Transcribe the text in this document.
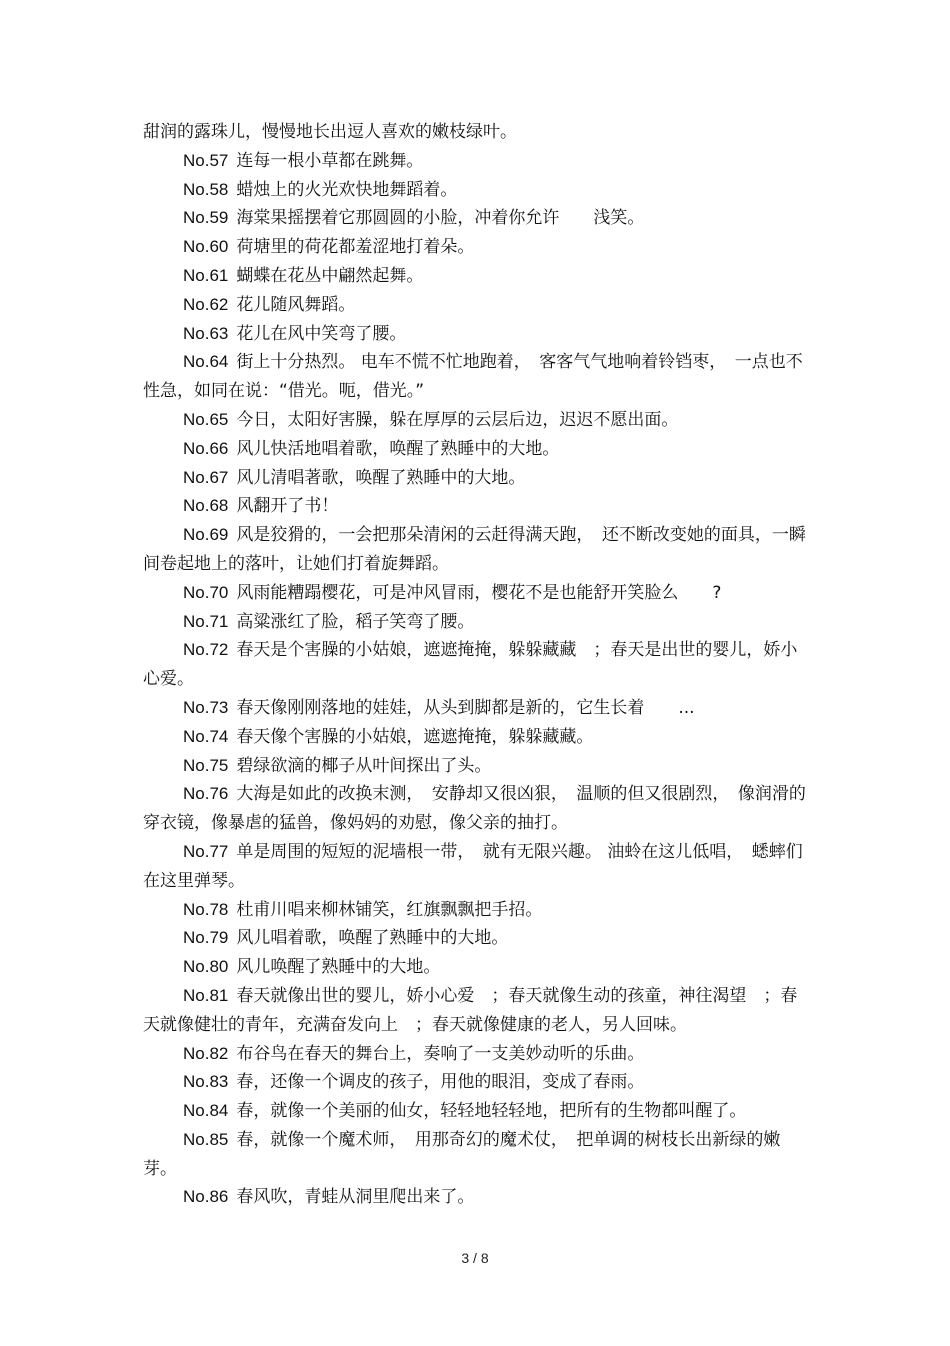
甜润的露珠儿，慢慢地长出逗人喜欢的嫩枝绿叶。

No.57 连每一根小草都在跳舞。

No.58 蜡烛上的火光欢快地舞蹈着。

No.59 海棠果摇摆着它那圆圆的小脸，冲着你允许　　浅笑。

No.60 荷塘里的荷花都羞涩地打着朵。

No.61 蝴蝶在花丛中翩然起舞。

No.62 花儿随风舞蹈。

No.63 花儿在风中笑弯了腰。

No.64 街上十分热烈。 电车不慌不忙地跑着，　客客气气地响着铃铛枣，　一点也不性急，如同在说：“借光。呃，借光。”

No.65 今日，太阳好害臊，躲在厚厚的云层后边，迟迟不愿出面。

No.66 风儿快活地唱着歌，唤醒了熟睡中的大地。

No.67 风儿清唱著歌，唤醒了熟睡中的大地。

No.68 风翻开了书！

No.69 风是狡猾的，一会把那朵清闲的云赶得满天跑，　还不断改变她的面具，一瞬间卷起地上的落叶，让她们打着旋舞蹈。

No.70 风雨能糟蹋樱花，可是冲风冒雨，樱花不是也能舒开笑脸么　　?

No.71 高粱涨红了脸，稻子笑弯了腰。

No.72 春天是个害臊的小姑娘，遮遮掩掩，躲躲藏藏　；春天是出世的婴儿，娇小心爱。

No.73 春天像刚刚落地的娃娃，从头到脚都是新的，它生长着　　...

No.74 春天像个害臊的小姑娘，遮遮掩掩，躲躲藏藏。

No.75 碧绿欲滴的椰子从叶间探出了头。

No.76 大海是如此的改换末测，　安静却又很凶狠，　温顺的但又很剧烈，　像润滑的穿衣镜，像暴虐的猛兽，像妈妈的劝慰，像父亲的抽打。

No.77 单是周围的短短的泥墙根一带，　就有无限兴趣。 油蛉在这儿低唱，　蟋蟀们在这里弹琴。

No.78 杜甫川唱来柳林铺笑，红旗飘飘把手招。

No.79 风儿唱着歌，唤醒了熟睡中的大地。

No.80 风儿唤醒了熟睡中的大地。

No.81 春天就像出世的婴儿，娇小心爱　；春天就像生动的孩童，神往渴望　；春天就像健壮的青年，充满奋发向上　；春天就像健康的老人，另人回味。

No.82 布谷鸟在春天的舞台上，奏响了一支美妙动听的乐曲。

No.83 春，还像一个调皮的孩子，用他的眼泪，变成了春雨。

No.84 春，就像一个美丽的仙女，轻轻地轻轻地，把所有的生物都叫醒了。

No.85 春，就像一个魔术师，　用那奇幻的魔术仗，　把单调的树枝长出新绿的嫩芽。

No.86 春风吹，青蛙从洞里爬出来了。

3 / 8
